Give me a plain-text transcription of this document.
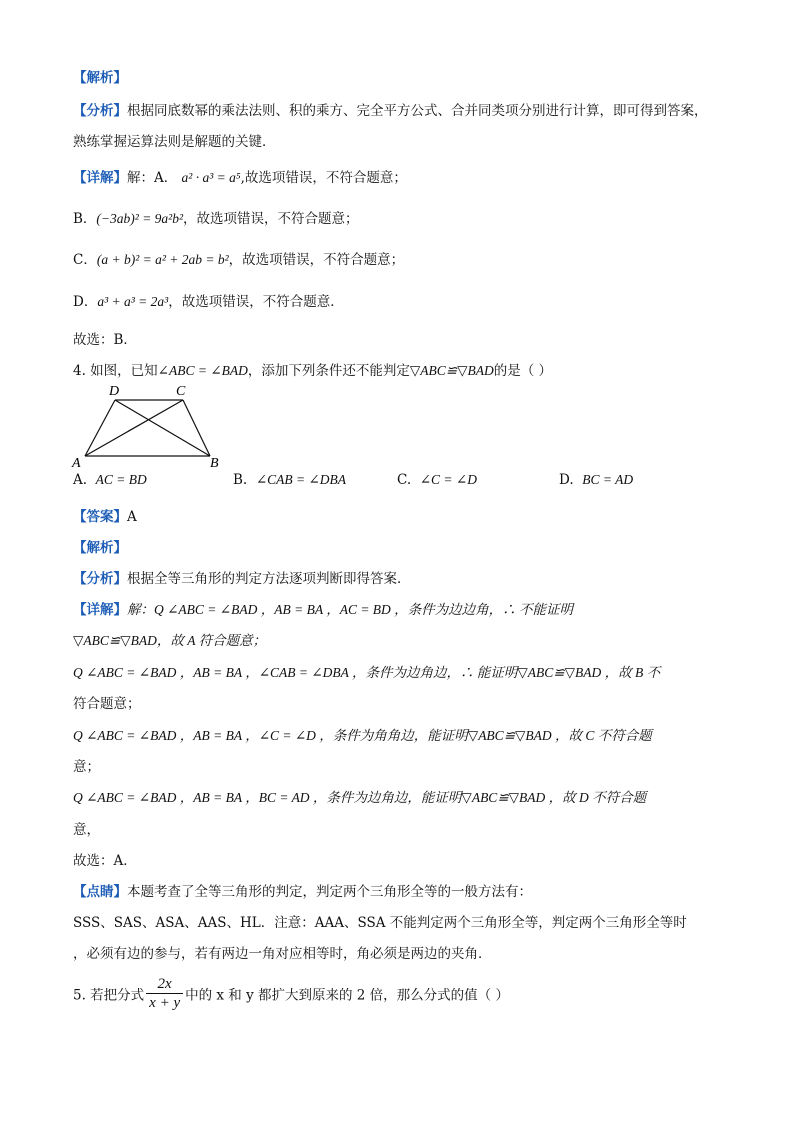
【解析】
【分析】根据同底数幂的乘法法则、积的乘方、完全平方公式、合并同类项分别进行计算，即可得到答案，
熟练掌握运算法则是解题的关键．
【详解】解：A． a² · a³ = a⁵,故选项错误，不符合题意；
B．(−3ab)² = 9a²b²，故选项错误，不符合题意；
C．(a + b)² = a² + 2ab = b²，故选项错误，不符合题意；
D．a³ + a³ = 2a³，故选项错误，不符合题意．
故选：B．
4. 如图，已知∠ABC = ∠BAD，添加下列条件还不能判定▽ABC≌▽BAD的是（ ）
D	C
A	B
A. AC = BD	B. ∠CAB = ∠DBA	C. ∠C = ∠D	D. BC = AD
【答案】A
【解析】
【分析】根据全等三角形的判定方法逐项判断即得答案．
【详解】解：Q ∠ABC = ∠BAD ，AB = BA ，AC = BD ，条件为边边角，∴ 不能证明
▽ABC≌▽BAD，故 A 符合题意；
Q ∠ABC = ∠BAD ，AB = BA ，∠CAB = ∠DBA ，条件为边角边，∴ 能证明▽ABC≌▽BAD ，故 B 不
符合题意；
Q ∠ABC = ∠BAD ，AB = BA ，∠C = ∠D ，条件为角角边，能证明▽ABC≌▽BAD ，故 C 不符合题
意；
Q ∠ABC = ∠BAD ，AB = BA ，BC = AD ，条件为边角边，能证明▽ABC≌▽BAD ，故 D 不符合题
意，
故选：A．
【点睛】本题考查了全等三角形的判定，判定两个三角形全等的一般方法有：
SSS、SAS、ASA、AAS、HL．注意：AAA、SSA 不能判定两个三角形全等，判定两个三角形全等时
，必须有边的参与，若有两边一角对应相等时，角必须是两边的夹角．
5. 若把分式 $\frac{2x}{x + y}$ 中的 x 和 y 都扩大到原来的 2 倍，那么分式的值（ ）
